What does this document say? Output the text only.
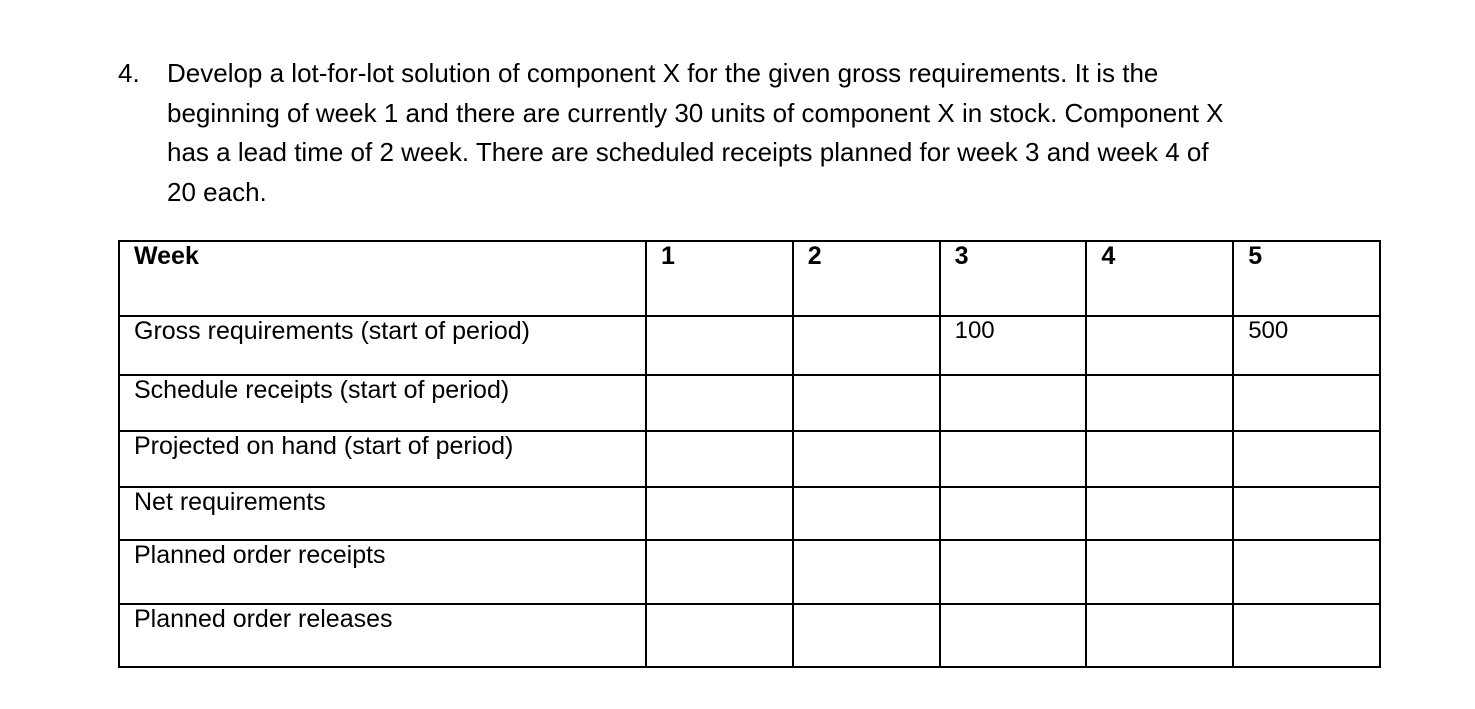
4. Develop a lot-for-lot solution of component X for the given gross requirements. It is the
beginning of week 1 and there are currently 30 units of component X in stock. Component X
has a lead time of 2 week. There are scheduled receipts planned for week 3 and week 4 of
20 each.
Week	1	2	3	4	5
Gross requirements (start of period)			100		500
Schedule receipts (start of period)					
Projected on hand (start of period)					
Net requirements					
Planned order receipts					
Planned order releases					
